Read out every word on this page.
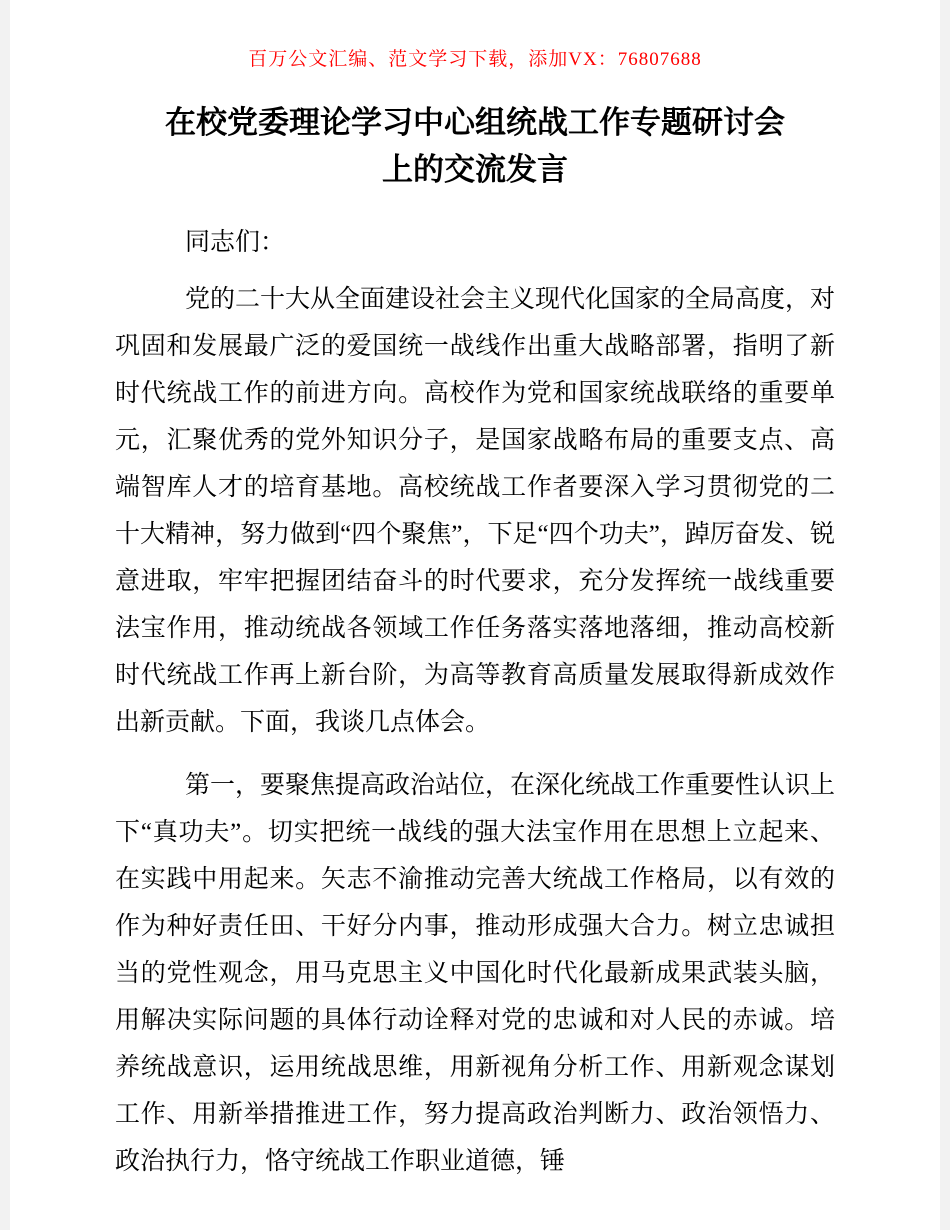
百万公文汇编、范文学习下载，添加VX：76807688
在校党委理论学习中心组统战工作专题研讨会
上的交流发言

同志们：

党的二十大从全面建设社会主义现代化国家的全局高度，对巩固和发展最广泛的爱国统一战线作出重大战略部署，指明了新时代统战工作的前进方向。高校作为党和国家统战联络的重要单元，汇聚优秀的党外知识分子，是国家战略布局的重要支点、高端智库人才的培育基地。高校统战工作者要深入学习贯彻党的二十大精神，努力做到“四个聚焦”，下足“四个功夫”，踔厉奋发、锐意进取，牢牢把握团结奋斗的时代要求，充分发挥统一战线重要法宝作用，推动统战各领域工作任务落实落地落细，推动高校新时代统战工作再上新台阶，为高等教育高质量发展取得新成效作出新贡献。下面，我谈几点体会。

第一，要聚焦提高政治站位，在深化统战工作重要性认识上下“真功夫”。切实把统一战线的强大法宝作用在思想上立起来、在实践中用起来。矢志不渝推动完善大统战工作格局，以有效的作为种好责任田、干好分内事，推动形成强大合力。树立忠诚担当的党性观念，用马克思主义中国化时代化最新成果武装头脑，用解决实际问题的具体行动诠释对党的忠诚和对人民的赤诚。培养统战意识，运用统战思维，用新视角分析工作、用新观念谋划工作、用新举措推进工作，努力提高政治判断力、政治领悟力、政治执行力，恪守统战工作职业道德，锤
